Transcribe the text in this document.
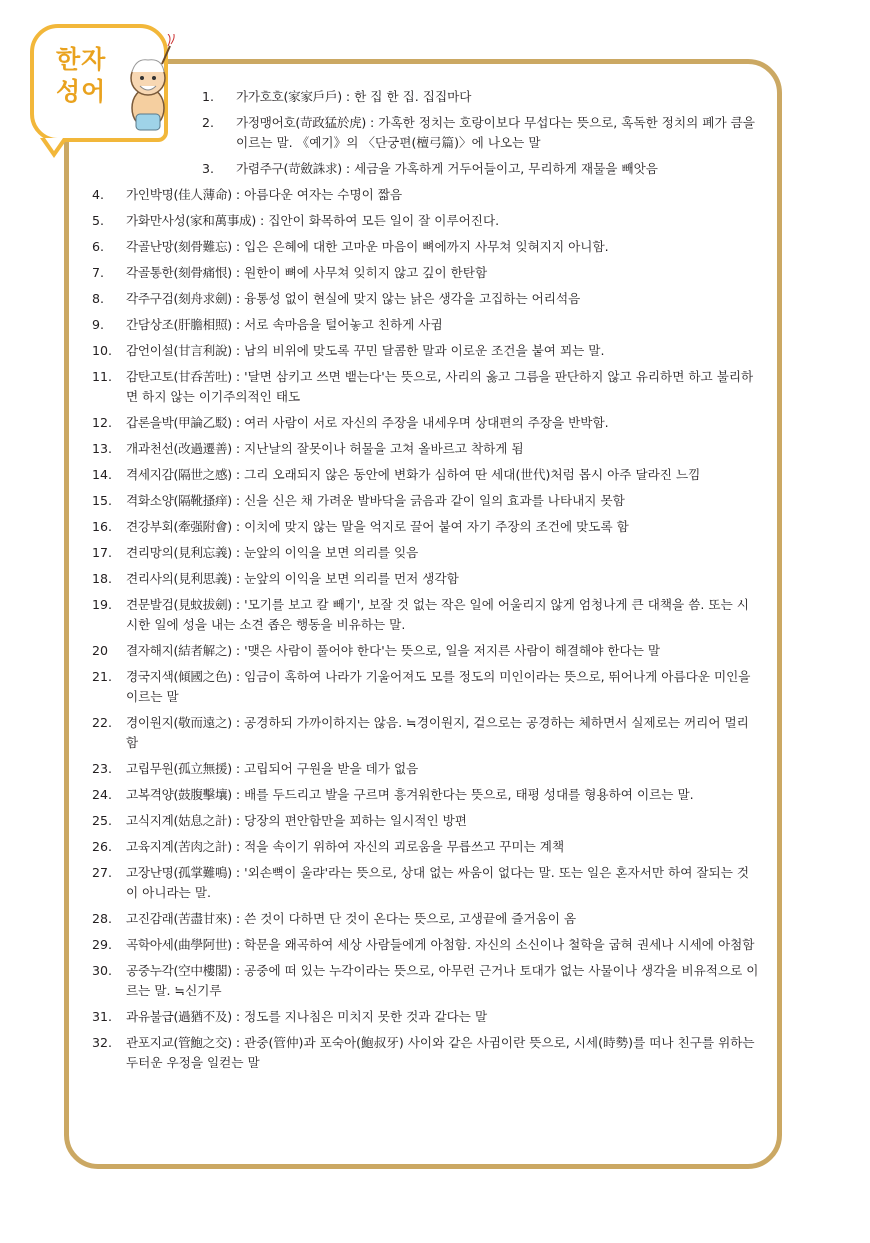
한자
성어	1.	가가호호(家家戶戶) : 한 집 한 집. 집집마다
2.	가정맹어호(苛政猛於虎) : 가혹한 정치는 호랑이보다 무섭다는 뜻으로, 혹독한 정치의 폐가 큼을 이르는 말. 《예기》의 〈단궁편(檀弓篇)〉에 나오는 말
3.	가렴주구(苛斂誅求) : 세금을 가혹하게 거두어들이고, 무리하게 재물을 빼앗음
4.	가인박명(佳人薄命) : 아름다운 여자는 수명이 짧음
5.	가화만사성(家和萬事成) : 집안이 화목하여 모든 일이 잘 이루어진다.
6.	각골난망(刻骨難忘) : 입은 은혜에 대한 고마운 마음이 뼈에까지 사무쳐 잊혀지지 아니함.
7.	각골통한(刻骨痛恨) : 원한이 뼈에 사무쳐 잊히지 않고 깊이 한탄함
8.	각주구검(刻舟求劍) : 융통성 없이 현실에 맞지 않는 낡은 생각을 고집하는 어리석음
9.	간담상조(肝膽相照) : 서로 속마음을 털어놓고 친하게 사귐
10.	감언이설(甘言利說) : 남의 비위에 맞도록 꾸민 달콤한 말과 이로운 조건을 붙여 꾀는 말.
11.	감탄고토(甘呑苦吐) : '달면 삼키고 쓰면 뱉는다'는 뜻으로, 사리의 옳고 그름을 판단하지 않고 유리하면 하고 불리하면 하지 않는 이기주의적인 태도
12.	갑론을박(甲論乙駁) : 여러 사람이 서로 자신의 주장을 내세우며 상대편의 주장을 반박함.
13.	개과천선(改過遷善) : 지난날의 잘못이나 허물을 고쳐 올바르고 착하게 됨
14.	격세지감(隔世之感) : 그리 오래되지 않은 동안에 변화가 심하여 딴 세대(世代)처럼 몹시 아주 달라진 느낌
15.	격화소양(隔靴搔痒) : 신을 신은 채 가려운 발바닥을 긁음과 같이 일의 효과를 나타내지 못함
16.	견강부회(牽强附會) : 이치에 맞지 않는 말을 억지로 끌어 붙여 자기 주장의 조건에 맞도록 함
17.	견리망의(見利忘義) : 눈앞의 이익을 보면 의리를 잊음
18.	견리사의(見利思義) : 눈앞의 이익을 보면 의리를 먼저 생각함
19.	견문발검(見蚊拔劍) : '모기를 보고 칼 빼기', 보잘 것 없는 작은 일에 어울리지 않게 엄청나게 큰 대책을 씀. 또는 시시한 일에 성을 내는 소견 좁은 행동을 비유하는 말.
20	결자해지(結者解之) : '맺은 사람이 풀어야 한다'는 뜻으로, 일을 저지른 사람이 해결해야 한다는 말
21.	경국지색(傾國之色) : 임금이 혹하여 나라가 기울어져도 모를 정도의 미인이라는 뜻으로, 뛰어나게 아름다운 미인을 이르는 말
22.	경이원지(敬而遠之) : 공경하되 가까이하지는 않음. ≒경이원지, 겉으로는 공경하는 체하면서 실제로는 꺼리어 멀리함
23.	고립무원(孤立無援) : 고립되어 구원을 받을 데가 없음
24.	고복격양(鼓腹擊壤) : 배를 두드리고 발을 구르며 흥겨워한다는 뜻으로, 태평 성대를 형용하여 이르는 말.
25.	고식지계(姑息之計) : 당장의 편안함만을 꾀하는 일시적인 방편
26.	고육지계(苦肉之計) : 적을 속이기 위하여 자신의 괴로움을 무릅쓰고 꾸미는 계책
27.	고장난명(孤掌難鳴) : '외손뼉이 울랴'라는 뜻으로, 상대 없는 싸움이 없다는 말. 또는 일은 혼자서만 하여 잘되는 것이 아니라는 말.
28.	고진감래(苦盡甘來) : 쓴 것이 다하면 단 것이 온다는 뜻으로, 고생끝에 즐거움이 옴
29.	곡학아세(曲學阿世) : 학문을 왜곡하여 세상 사람들에게 아첨함. 자신의 소신이나 철학을 굽혀 권세나 시세에 아첨함
30.	공중누각(空中樓閣) : 공중에 떠 있는 누각이라는 뜻으로, 아무런 근거나 토대가 없는 사물이나 생각을 비유적으로 이르는 말. ≒신기루
31.	과유불급(過猶不及) : 정도를 지나침은 미치지 못한 것과 같다는 말
32.	관포지교(管鮑之交) : 관중(管仲)과 포숙아(鮑叔牙) 사이와 같은 사귐이란 뜻으로, 시세(時勢)를 떠나 친구를 위하는 두터운 우정을 일컫는 말
